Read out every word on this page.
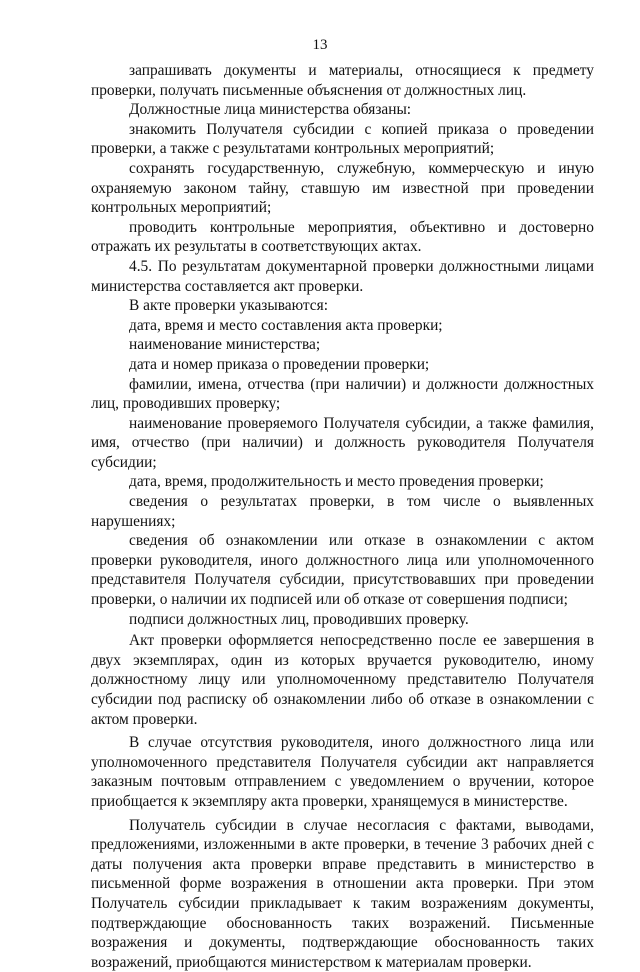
13

запрашивать документы и материалы, относящиеся к предмету проверки, получать письменные объяснения от должностных лиц.

Должностные лица министерства обязаны:

знакомить Получателя субсидии с копией приказа о проведении проверки, а также с результатами контрольных мероприятий;

сохранять государственную, служебную, коммерческую и иную охраняемую законом тайну, ставшую им известной при проведении контрольных мероприятий;

проводить контрольные мероприятия, объективно и достоверно отражать их результаты в соответствующих актах.

4.5. По результатам документарной проверки должностными лицами министерства составляется акт проверки.

В акте проверки указываются:

дата, время и место составления акта проверки;

наименование министерства;

дата и номер приказа о проведении проверки;

фамилии, имена, отчества (при наличии) и должности должностных лиц, проводивших проверку;

наименование проверяемого Получателя субсидии, а также фамилия, имя, отчество (при наличии) и должность руководителя Получателя субсидии;

дата, время, продолжительность и место проведения проверки;

сведения о результатах проверки, в том числе о выявленных нарушениях;

сведения об ознакомлении или отказе в ознакомлении с актом проверки руководителя, иного должностного лица или уполномоченного представителя Получателя субсидии, присутствовавших при проведении проверки, о наличии их подписей или об отказе от совершения подписи;

подписи должностных лиц, проводивших проверку.

Акт проверки оформляется непосредственно после ее завершения в двух экземплярах, один из которых вручается руководителю, иному должностному лицу или уполномоченному представителю Получателя субсидии под расписку об ознакомлении либо об отказе в ознакомлении с актом проверки.

В случае отсутствия руководителя, иного должностного лица или уполномоченного представителя Получателя субсидии акт направляется заказным почтовым отправлением с уведомлением о вручении, которое приобщается к экземпляру акта проверки, хранящемуся в министерстве.

Получатель субсидии в случае несогласия с фактами, выводами, предложениями, изложенными в акте проверки, в течение 3 рабочих дней с даты получения акта проверки вправе представить в министерство в письменной форме возражения в отношении акта проверки. При этом Получатель субсидии прикладывает к таким возражениям документы, подтверждающие обоснованность таких возражений. Письменные возражения и документы, подтверждающие обоснованность таких возражений, приобщаются министерством к материалам проверки.
